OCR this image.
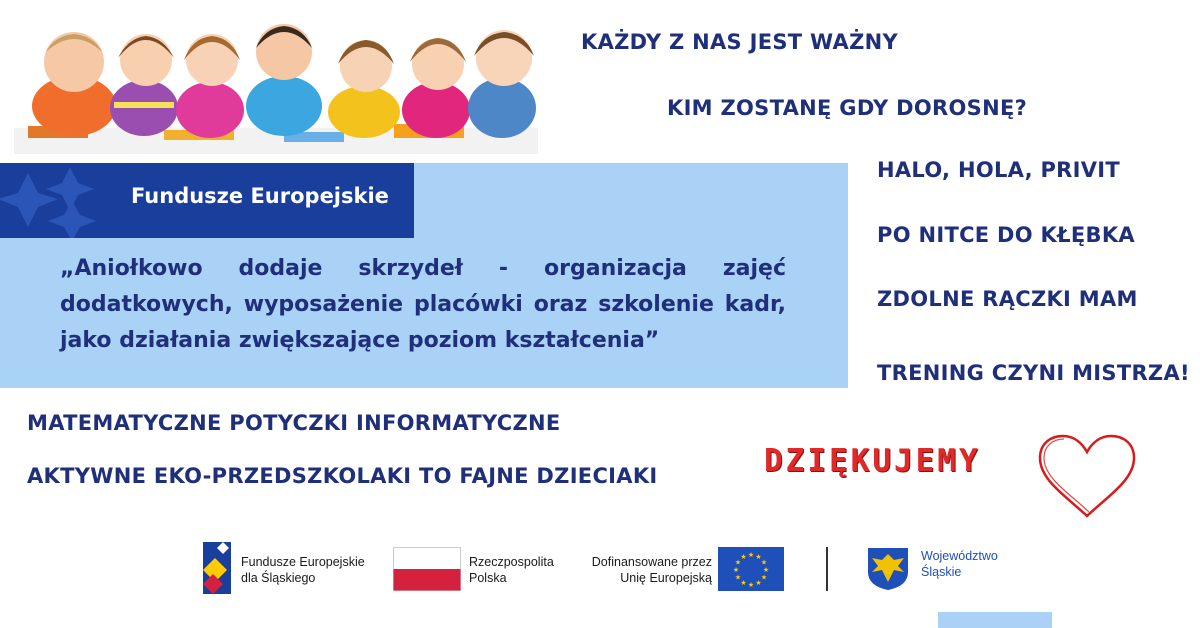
KAŻDY Z NAS JEST WAŻNY
KIM ZOSTANĘ GDY DOROSNĘ?
HALO, HOLA, PRIVIT
PO NITCE DO KŁĘBKA
ZDOLNE RĄCZKI MAM
TRENING CZYNI MISTRZA!
Fundusze Europejskie
„Aniołkowo dodaje skrzydeł - organizacja zajęć dodatkowych, wyposażenie placówki oraz szkolenie kadr, jako działania zwiększające poziom kształcenia”
MATEMATYCZNE POTYCZKI INFORMATYCZNE
AKTYWNE EKO-PRZEDSZKOLAKI TO FAJNE DZIECIAKI	DZIĘKUJEMY
Fundusze Europejskie
dla Śląskiego
Rzeczpospolita
Polska
Dofinansowane przez
Unię Europejską
★ ★
★
★
★
★
★
★
★
★
★
★	Województwo
Śląskie
